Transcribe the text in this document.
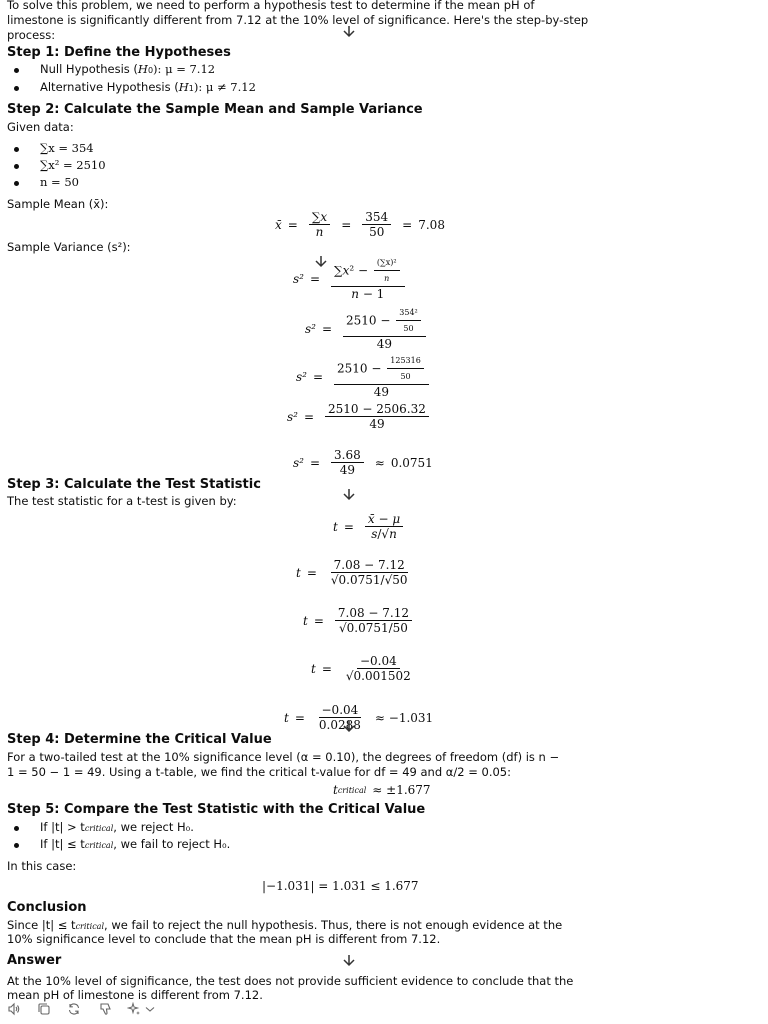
To solve this problem, we need to perform a hypothesis test to determine if the mean pH of

limestone is significantly different from 7.12 at the 10% level of significance. Here's the step-by-step

process:

Step 1: Define the Hypotheses
Null Hypothesis (H0): μ = 7.12
Alternative Hypothesis (H1): μ ≠ 7.12
Step 2: Calculate the Sample Mean and Sample Variance

Given data:

∑x = 354
∑x² = 2510
n = 50

Sample Mean (x̄):

x̄ = $\frac{\sum x}{n} = \frac{354}{50} = 7.08$

Sample Variance (s²):

$s^2 = \frac{\sum x^2 - \frac{\text{(∑x)²}}{n}}{n - 1}$
$s^2 = \frac{2510 - \frac{\text{354²}}{50}}{49}$
$s^2 = \frac{2510 - \frac{125316}{50}}{49}$
$s^2 = \frac{2510 - 2506.32}{49}$
$s^2 = \frac{3.68}{49} \approx 0.0751$
Step 3: Calculate the Test Statistic

The test statistic for a t-test is given by:

$t = \frac{x̄ - \mu}{s/√n}$
$t = \frac{7.08 - 7.12}{√0.0751/√50}$
$t = \frac{7.08 - 7.12}{√0.0751/50}$
$t = \frac{-0.04}{√0.001502}$
$t = \frac{-0.04}{0.0288} \approx -1.031$
Step 4: Determine the Critical Value

For a two-tailed test at the 10% significance level (α = 0.10), the degrees of freedom (df) is n −

1 = 50 − 1 = 49. Using a t-table, we find the critical t-value for df = 49 and α/2 = 0.05:

t critical ≈ ±1.677
Step 5: Compare the Test Statistic with the Critical Value
If |t| > tcritical, we reject H₀.
If |t| ≤ tcritical, we fail to reject H₀.

In this case:

|−1.031| = 1.031 ≤ 1.677
Conclusion

Since |t| ≤ tcritical, we fail to reject the null hypothesis. Thus, there is not enough evidence at the

10% significance level to conclude that the mean pH is different from 7.12.

Answer

At the 10% level of significance, the test does not provide sufficient evidence to conclude that the

mean pH of limestone is different from 7.12.
